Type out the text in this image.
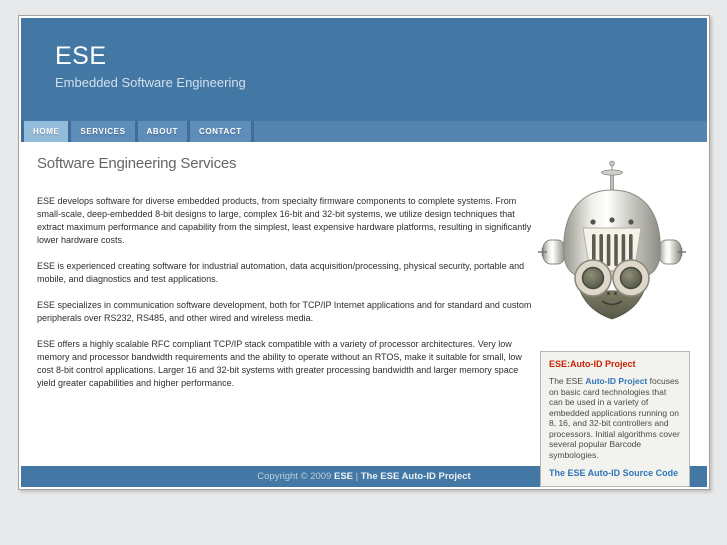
ESE
Embedded Software Engineering
HOME	SERVICES	ABOUT	CONTACT
Software Engineering Services

ESE develops software for diverse embedded products, from specialty firmware components to complete systems. From small-scale, deep-embedded 8-bit designs to large, complex 16-bit and 32-bit systems, we utilize design techniques that extract maximum performance and capability from the simplest, least expensive hardware platforms, resulting in significantly lower hardware costs.

ESE is experienced creating software for industrial automation, data acquisition/processing, physical security, portable and mobile, and diagnostics and test applications.

ESE specializes in communication software development, both for TCP/IP Internet applications and for standard and custom peripherals over RS232, RS485, and other wired and wireless media.

ESE offers a highly scalable RFC compliant TCP/IP stack compatible with a variety of processor architectures. Very low memory and processor bandwidth requirements and the ability to operate without an RTOS, make it suitable for small, low cost 8-bit control applications. Larger 16 and 32-bit systems with greater processing bandwidth and larger memory space yield greater capabilities and higher performance.

ESE:Auto-ID Project
The ESE Auto-ID Project focuses on basic card technologies that can be used in a variety of embedded applications running on 8, 16, and 32-bit controllers and processors. Initial algorithms cover several popular Barcode symbologies.
The ESE Auto-ID Source Code
Copyright © 2009 ESE | The ESE Auto-ID Project
